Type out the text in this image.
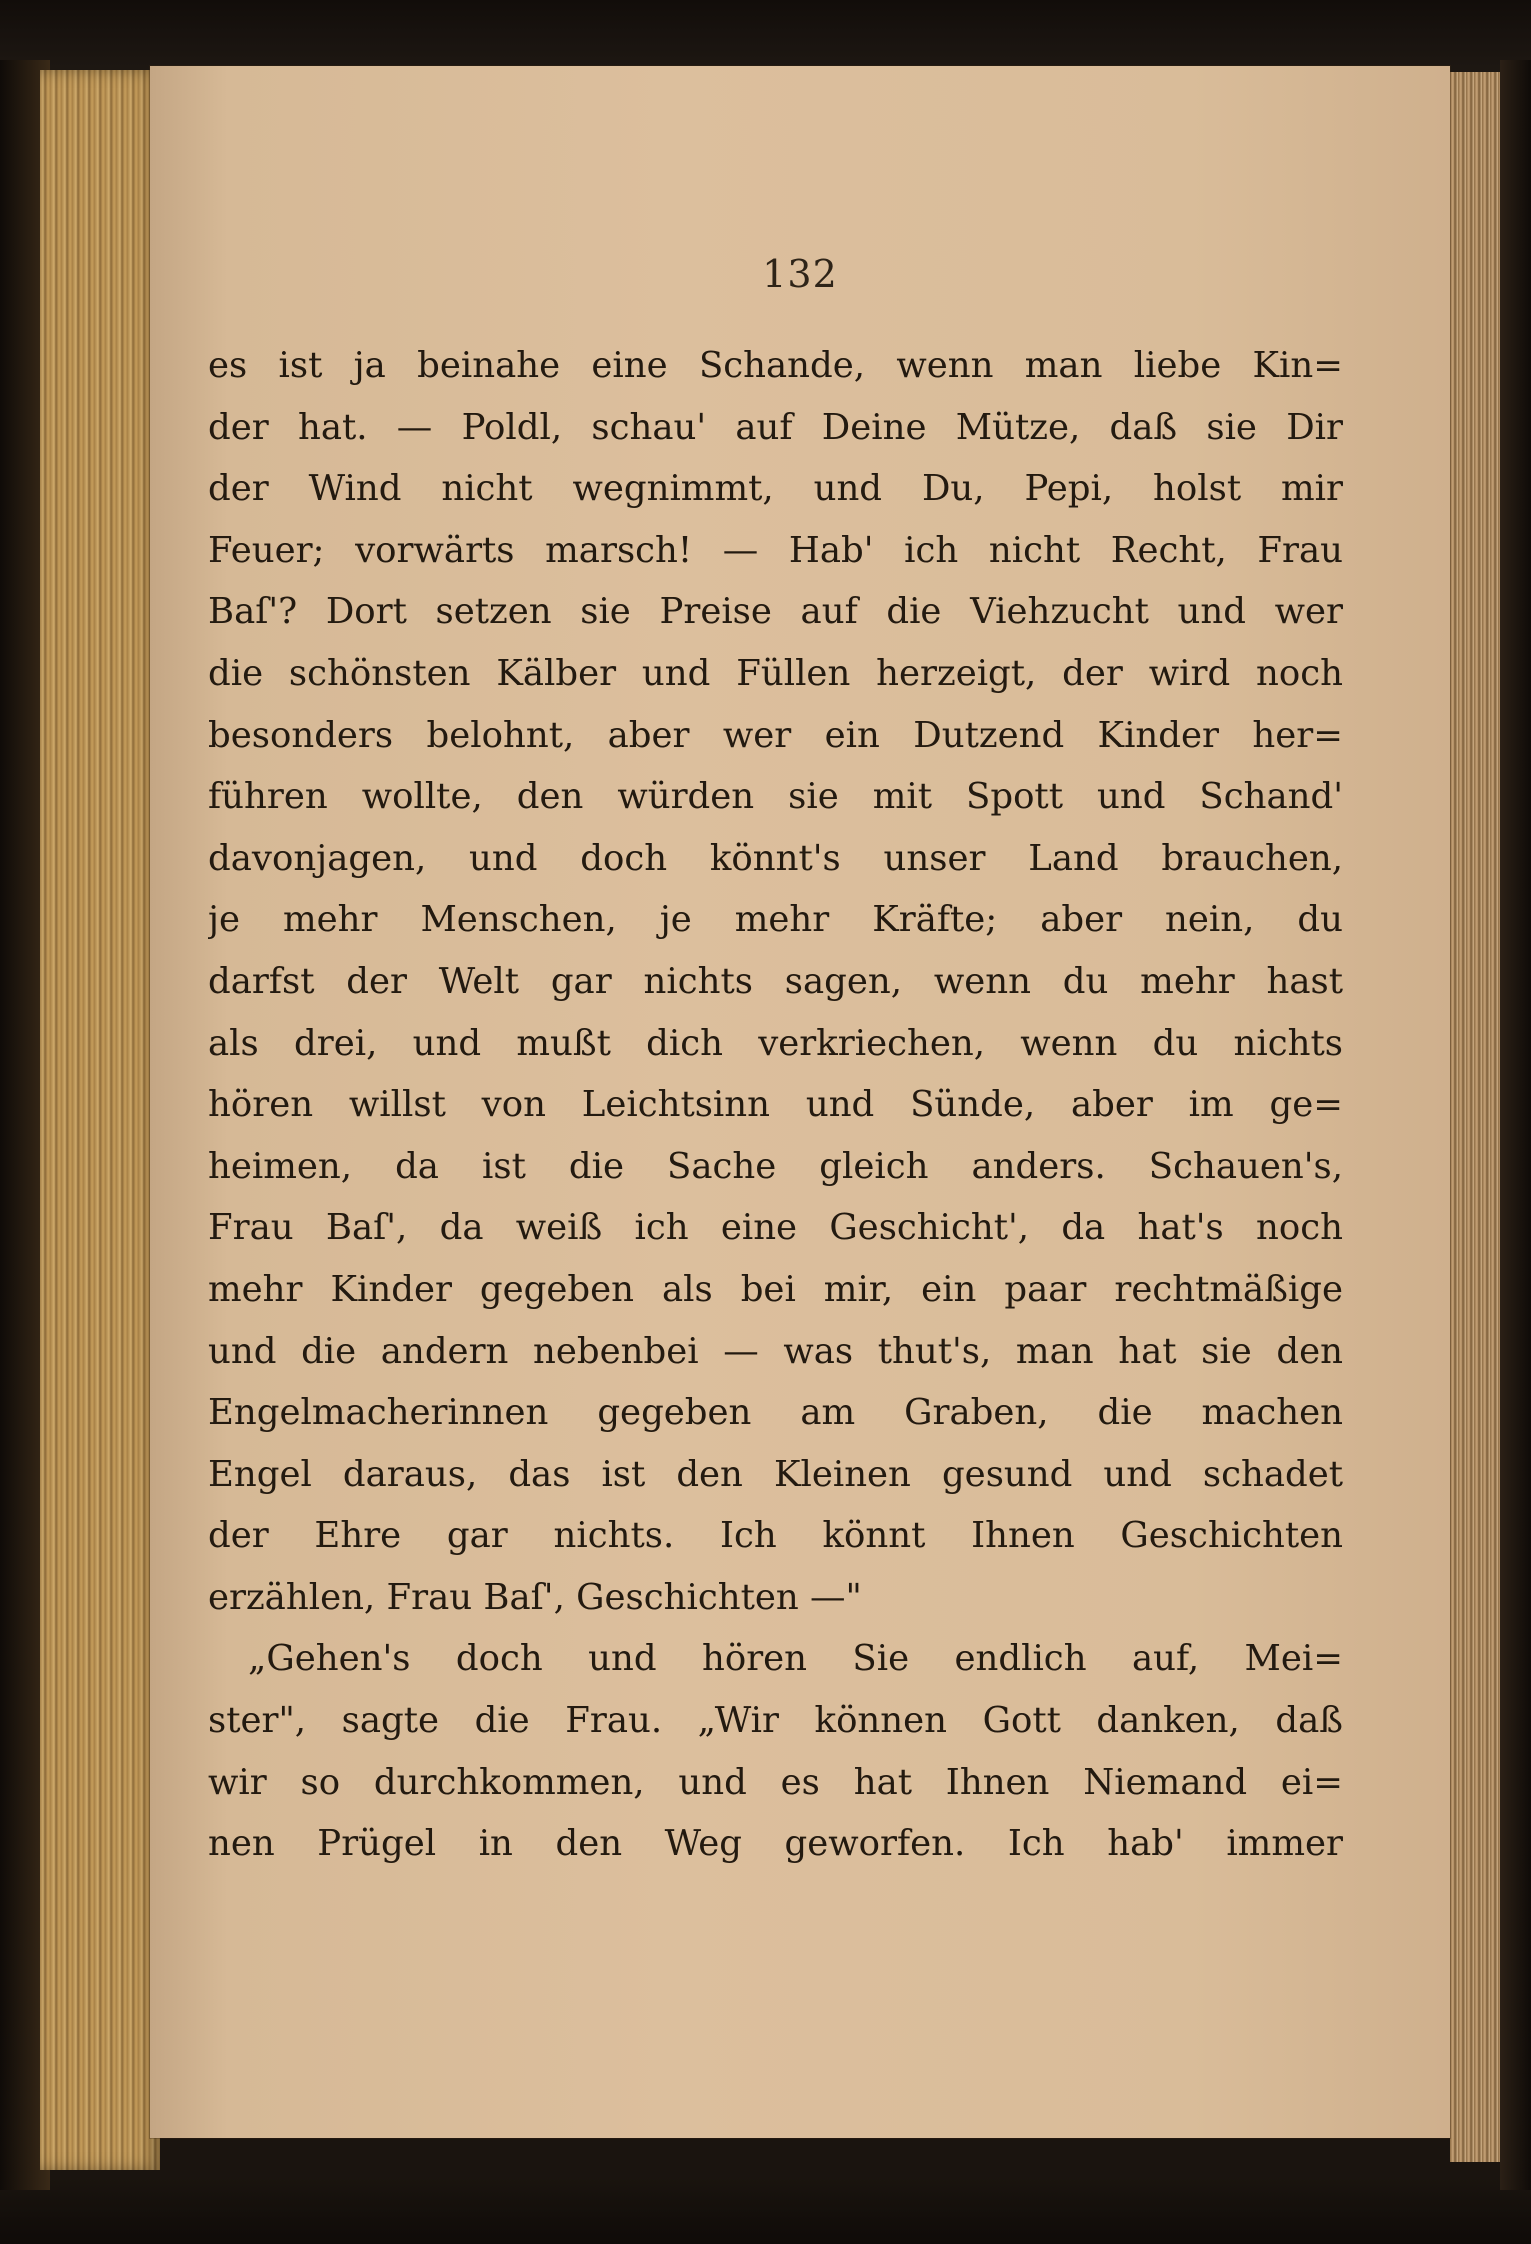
132

es ist ja beinahe eine Schande, wenn man liebe Kin=
der hat. — Poldl, schau' auf Deine Mütze, daß sie Dir
der Wind nicht wegnimmt, und Du, Pepi, holst mir
Feuer; vorwärts marsch! — Hab' ich nicht Recht, Frau
Baſ'? Dort setzen sie Preise auf die Viehzucht und wer
die schönsten Kälber und Füllen herzeigt, der wird noch
besonders belohnt, aber wer ein Dutzend Kinder her=
führen wollte, den würden sie mit Spott und Schand'
davonjagen, und doch könnt's unser Land brauchen,
je mehr Menschen, je mehr Kräfte; aber nein, du
darfst der Welt gar nichts sagen, wenn du mehr hast
als drei, und mußt dich verkriechen, wenn du nichts
hören willst von Leichtsinn und Sünde, aber im ge=
heimen, da ist die Sache gleich anders. Schauen's,
Frau Baſ', da weiß ich eine Geschicht', da hat's noch
mehr Kinder gegeben als bei mir, ein paar rechtmäßige
und die andern nebenbei — was thut's, man hat sie den
Engelmacherinnen gegeben am Graben, die machen
Engel daraus, das ist den Kleinen gesund und schadet
der Ehre gar nichts. Ich könnt Ihnen Geschichten
erzählen, Frau Baſ', Geschichten —"
„Gehen's doch und hören Sie endlich auf, Mei=
ster", sagte die Frau. „Wir können Gott danken, daß
wir so durchkommen, und es hat Ihnen Niemand ei=
nen Prügel in den Weg geworfen. Ich hab' immer
